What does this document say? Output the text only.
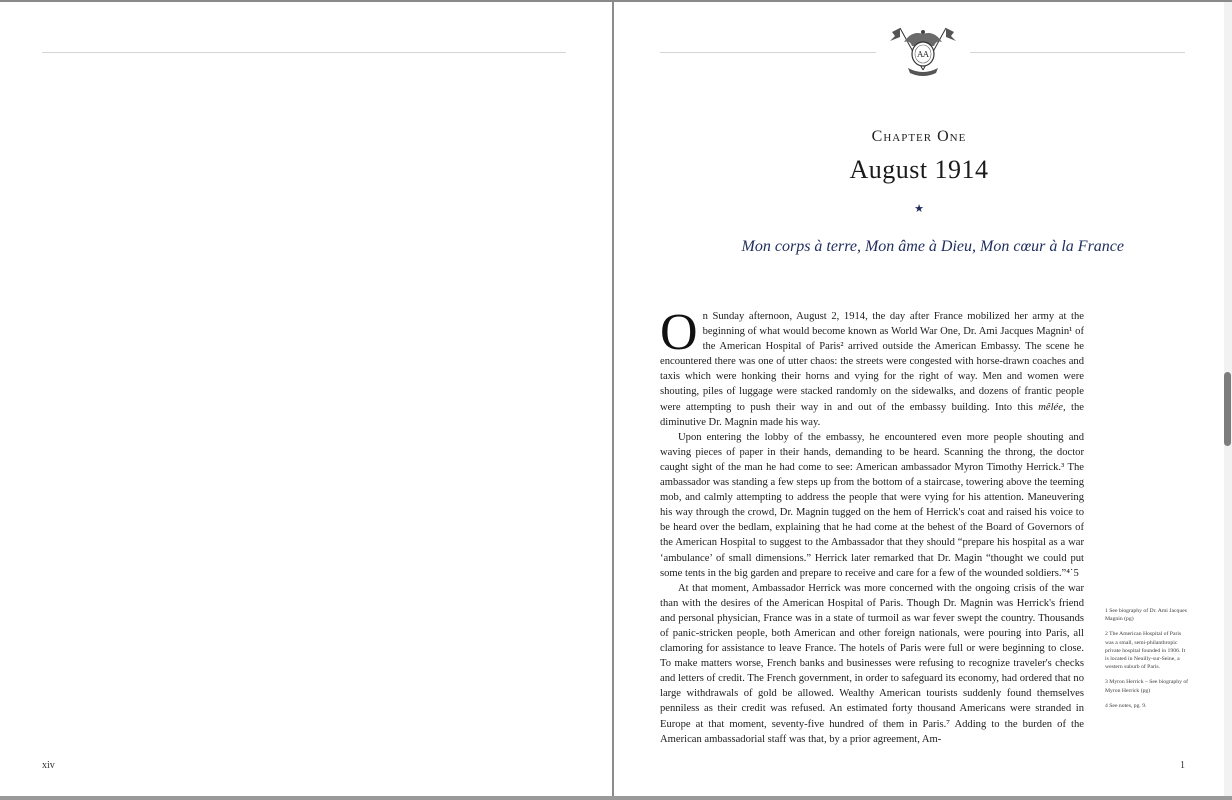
xiv
AA
Chapter One
August 1914
★
Mon corps à terre, Mon âme à Dieu, Mon cœur à la France

On Sunday afternoon, August 2, 1914, the day after France mobilized her army at the beginning of what would become known as World War One, Dr. Ami Jacques Magnin¹ of the American Hospital of Paris² arrived outside the American Embassy. The scene he encountered there was one of utter chaos: the streets were congested with horse-drawn coaches and taxis which were honking their horns and vying for the right of way. Men and women were shouting, piles of luggage were stacked randomly on the sidewalks, and dozens of frantic people were attempting to push their way in and out of the embassy building. Into this mêlée, the diminutive Dr. Magnin made his way.

Upon entering the lobby of the embassy, he encountered even more people shouting and waving pieces of paper in their hands, demanding to be heard. Scanning the throng, the doctor caught sight of the man he had come to see: American ambassador Myron Timothy Herrick.³ The ambassador was standing a few steps up from the bottom of a staircase, towering above the teeming mob, and calmly attempting to address the people that were vying for his attention. Maneuvering his way through the crowd, Dr. Magnin tugged on the hem of Herrick's coat and raised his voice to be heard over the bedlam, explaining that he had come at the behest of the Board of Governors of the American Hospital to suggest to the Ambassador that they should “prepare his hospital as a war ‘ambulance’ of small dimensions.” Herrick later remarked that Dr. Magin “thought we could put some tents in the big garden and prepare to receive and care for a few of the wounded soldiers.”⁴˙5

At that moment, Ambassador Herrick was more concerned with the ongoing crisis of the war than with the desires of the American Hospital of Paris. Though Dr. Magnin was Herrick's friend and personal physician, France was in a state of turmoil as war fever swept the country. Thousands of panic-stricken people, both American and other foreign nationals, were pouring into Paris, all clamoring for assistance to leave France. The hotels of Paris were full or were beginning to close. To make matters worse, French banks and businesses were refusing to recognize traveler's checks and letters of credit. The French government, in order to safeguard its economy, had ordered that no large withdrawals of gold be allowed. Wealthy American tourists suddenly found themselves penniless as their credit was refused. An estimated forty thousand Americans were stranded in Europe at that moment, seventy-five hundred of them in Paris.⁷ Adding to the burden of the American ambassadorial staff was that, by a prior agreement, Am-

1 See biography of Dr. Ami Jacques Magnin (pg)
2 The American Hospital of Paris was a small, semi-philanthropic private hospital founded in 1906. It is located in Neuilly-sur-Seine, a western suburb of Paris.
3 Myron Herrick – See biography of Myron Herrick (pg)
4 See notes, pg. 9.
1
